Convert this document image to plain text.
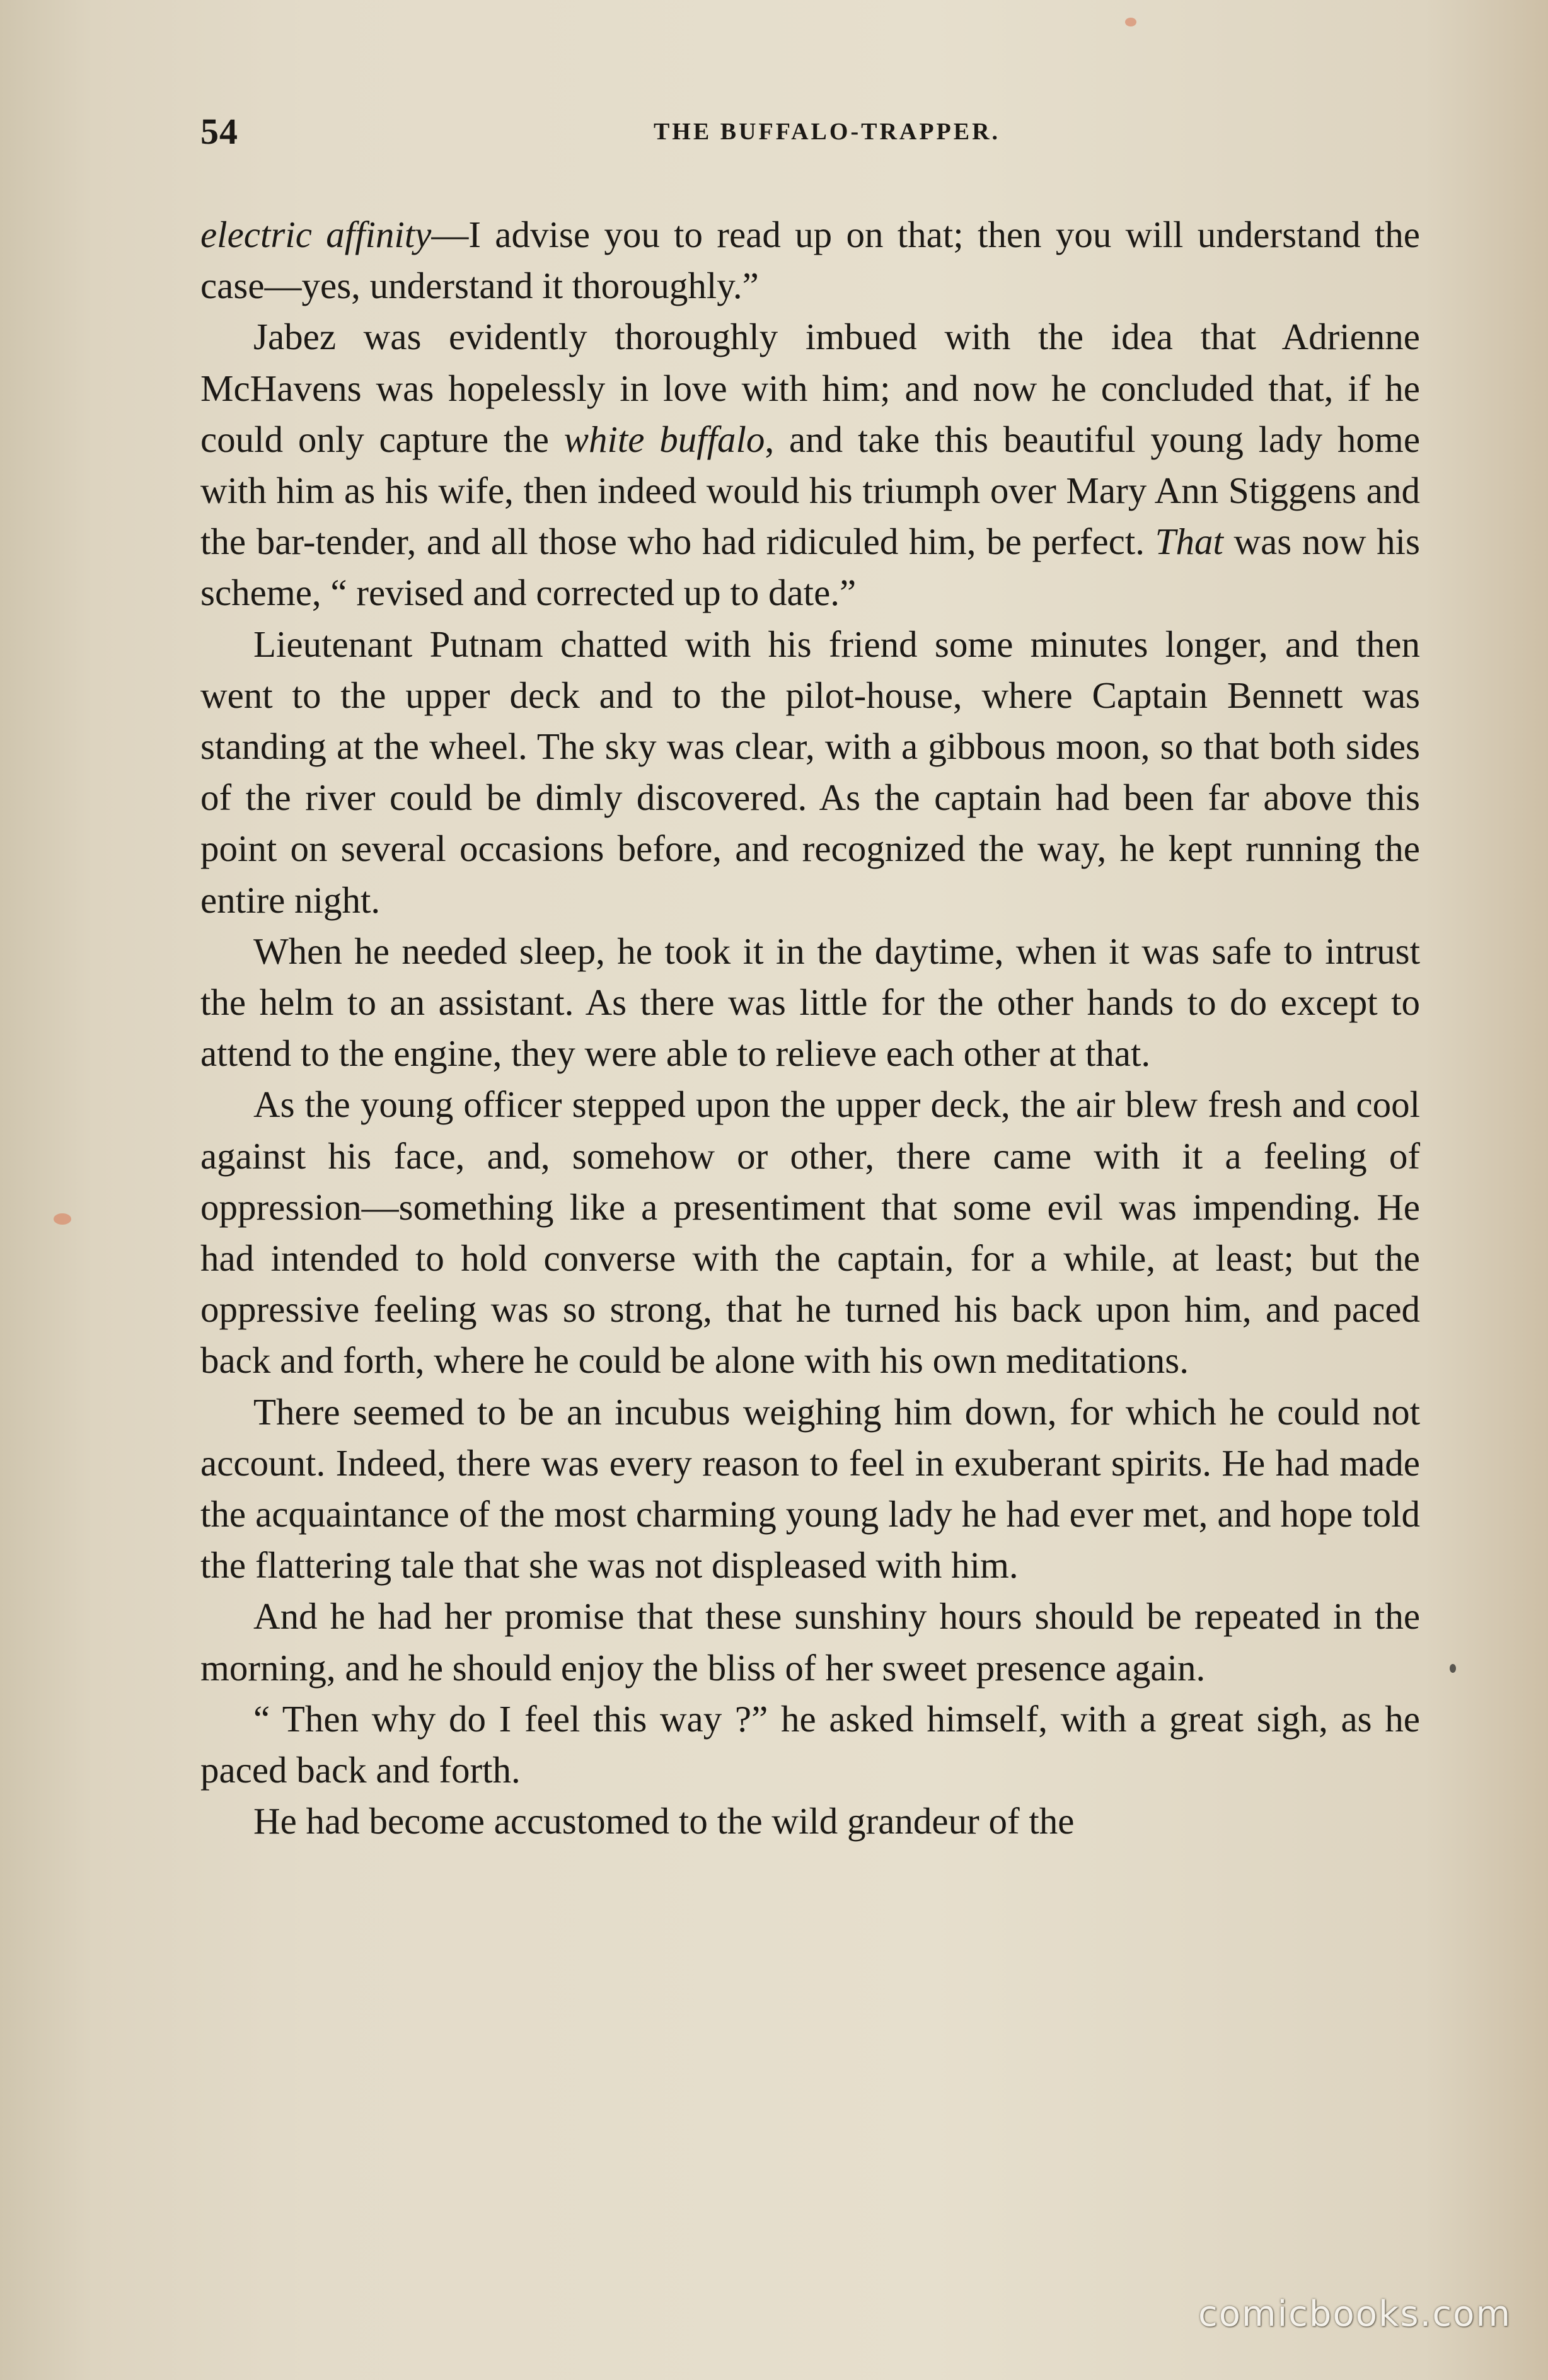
54	THE BUFFALO-TRAPPER.

electric affinity—I advise you to read up on that; then you will understand the case—yes, understand it thoroughly.”

Jabez was evidently thoroughly imbued with the idea that Adrienne McHavens was hopelessly in love with him; and now he concluded that, if he could only capture the white buffalo, and take this beautiful young lady home with him as his wife, then indeed would his triumph over Mary Ann Stiggens and the bar-tender, and all those who had ridiculed him, be perfect. That was now his scheme, “ revised and corrected up to date.”

Lieutenant Putnam chatted with his friend some minutes longer, and then went to the upper deck and to the pilot-house, where Captain Bennett was standing at the wheel. The sky was clear, with a gibbous moon, so that both sides of the river could be dimly discovered. As the captain had been far above this point on several occasions before, and recognized the way, he kept running the entire night.

When he needed sleep, he took it in the daytime, when it was safe to intrust the helm to an assistant. As there was little for the other hands to do except to attend to the engine, they were able to relieve each other at that.

As the young officer stepped upon the upper deck, the air blew fresh and cool against his face, and, somehow or other, there came with it a feeling of oppression—something like a presentiment that some evil was impending. He had intended to hold converse with the captain, for a while, at least; but the oppressive feeling was so strong, that he turned his back upon him, and paced back and forth, where he could be alone with his own meditations.

There seemed to be an incubus weighing him down, for which he could not account. Indeed, there was every reason to feel in exuberant spirits. He had made the acquaintance of the most charming young lady he had ever met, and hope told the flattering tale that she was not displeased with him.

And he had her promise that these sunshiny hours should be repeated in the morning, and he should enjoy the bliss of her sweet presence again.

“ Then why do I feel this way ?” he asked himself, with a great sigh, as he paced back and forth.

He had become accustomed to the wild grandeur of the

comicbooks.com
